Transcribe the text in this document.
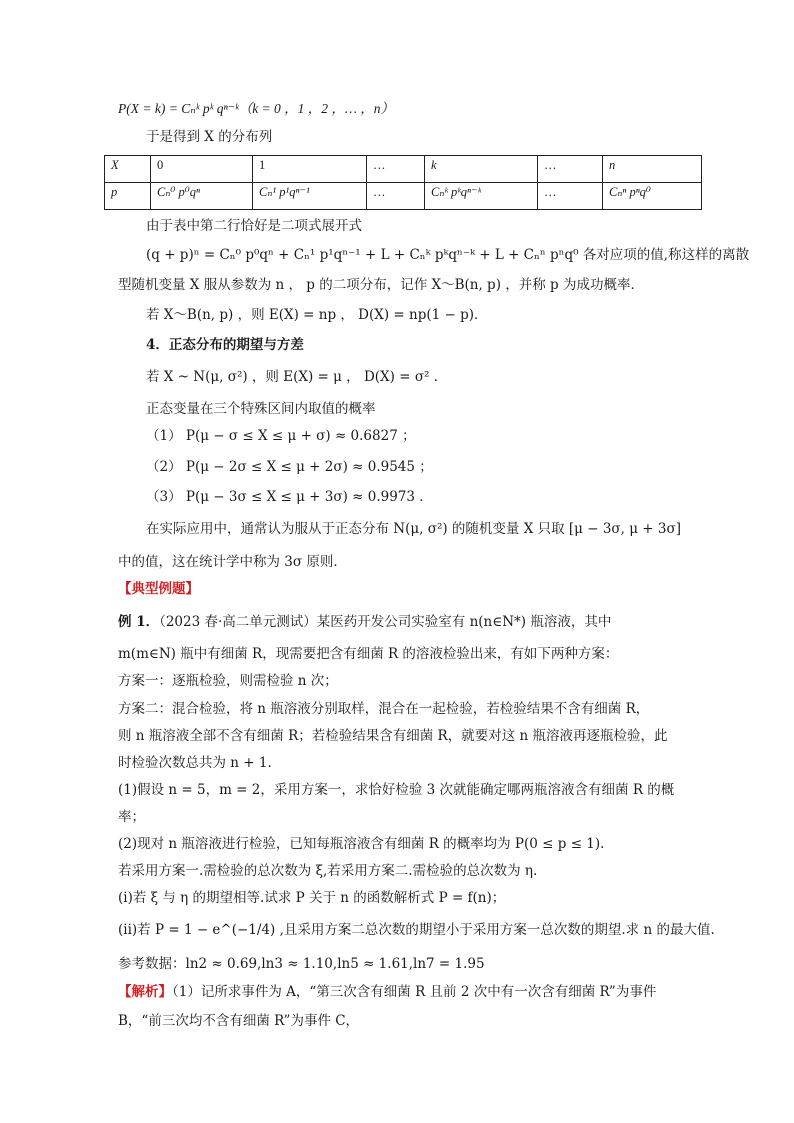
P(X = k) = Cₙᵏ pᵏ qⁿ⁻ᵏ（k = 0 ，1 ，2 ，… ，n）
于是得到 X 的分布列
X	0	1	…	k	…	n
p	Cₙ⁰ p⁰qⁿ	Cₙ¹ p¹qⁿ⁻¹	…	Cₙᵏ pᵏqⁿ⁻ᵏ	…	Cₙⁿ pⁿq⁰
由于表中第二行恰好是二项式展开式
(q + p)ⁿ = Cₙ⁰ p⁰qⁿ + Cₙ¹ p¹qⁿ⁻¹ + L + Cₙᵏ pᵏqⁿ⁻ᵏ + L + Cₙⁿ pⁿq⁰ 各对应项的值,称这样的离散
型随机变量 X 服从参数为 n ， p 的二项分布，记作 X～B(n, p) ，并称 p 为成功概率．
若 X～B(n, p) ，则 E(X) = np ， D(X) = np(1 − p)．
4．正态分布的期望与方差
若 X ~ N(μ, σ²) ，则 E(X) = μ ， D(X) = σ² ．
正态变量在三个特殊区间内取值的概率
（1） P(μ − σ ≤ X ≤ μ + σ) ≈ 0.6827 ；
（2） P(μ − 2σ ≤ X ≤ μ + 2σ) ≈ 0.9545 ；
（3） P(μ − 3σ ≤ X ≤ μ + 3σ) ≈ 0.9973 ．
在实际应用中，通常认为服从于正态分布 N(μ, σ²) 的随机变量 X 只取 [μ − 3σ, μ + 3σ]
中的值，这在统计学中称为 3σ 原则．
【典型例题】
例 1．（2023 春·高二单元测试）某医药开发公司实验室有 n(n∈N*) 瓶溶液，其中
m(m∈N) 瓶中有细菌 R，现需要把含有细菌 R 的溶液检验出来，有如下两种方案：
方案一：逐瓶检验，则需检验 n 次；
方案二：混合检验，将 n 瓶溶液分别取样，混合在一起检验，若检验结果不含有细菌 R，
则 n 瓶溶液全部不含有细菌 R；若检验结果含有细菌 R，就要对这 n 瓶溶液再逐瓶检验，此
时检验次数总共为 n + 1.
(1)假设 n = 5，m = 2，采用方案一，求恰好检验 3 次就能确定哪两瓶溶液含有细菌 R 的概
率；
(2)现对 n 瓶溶液进行检验，已知每瓶溶液含有细菌 R 的概率均为 P(0 ≤ p ≤ 1).
若采用方案一.需检验的总次数为 ξ,若采用方案二.需检验的总次数为 η.
(i)若 ξ 与 η 的期望相等.试求 P 关于 n 的函数解析式 P = f(n)；
(ii)若 P = 1 − e^(−1/4) ,且采用方案二总次数的期望小于采用方案一总次数的期望.求 n 的最大值.
参考数据：ln2 ≈ 0.69,ln3 ≈ 1.10,ln5 ≈ 1.61,ln7 = 1.95
【解析】（1）记所求事件为 A，“第三次含有细菌 R 且前 2 次中有一次含有细菌 R”为事件
B，“前三次均不含有细菌 R”为事件 C，
